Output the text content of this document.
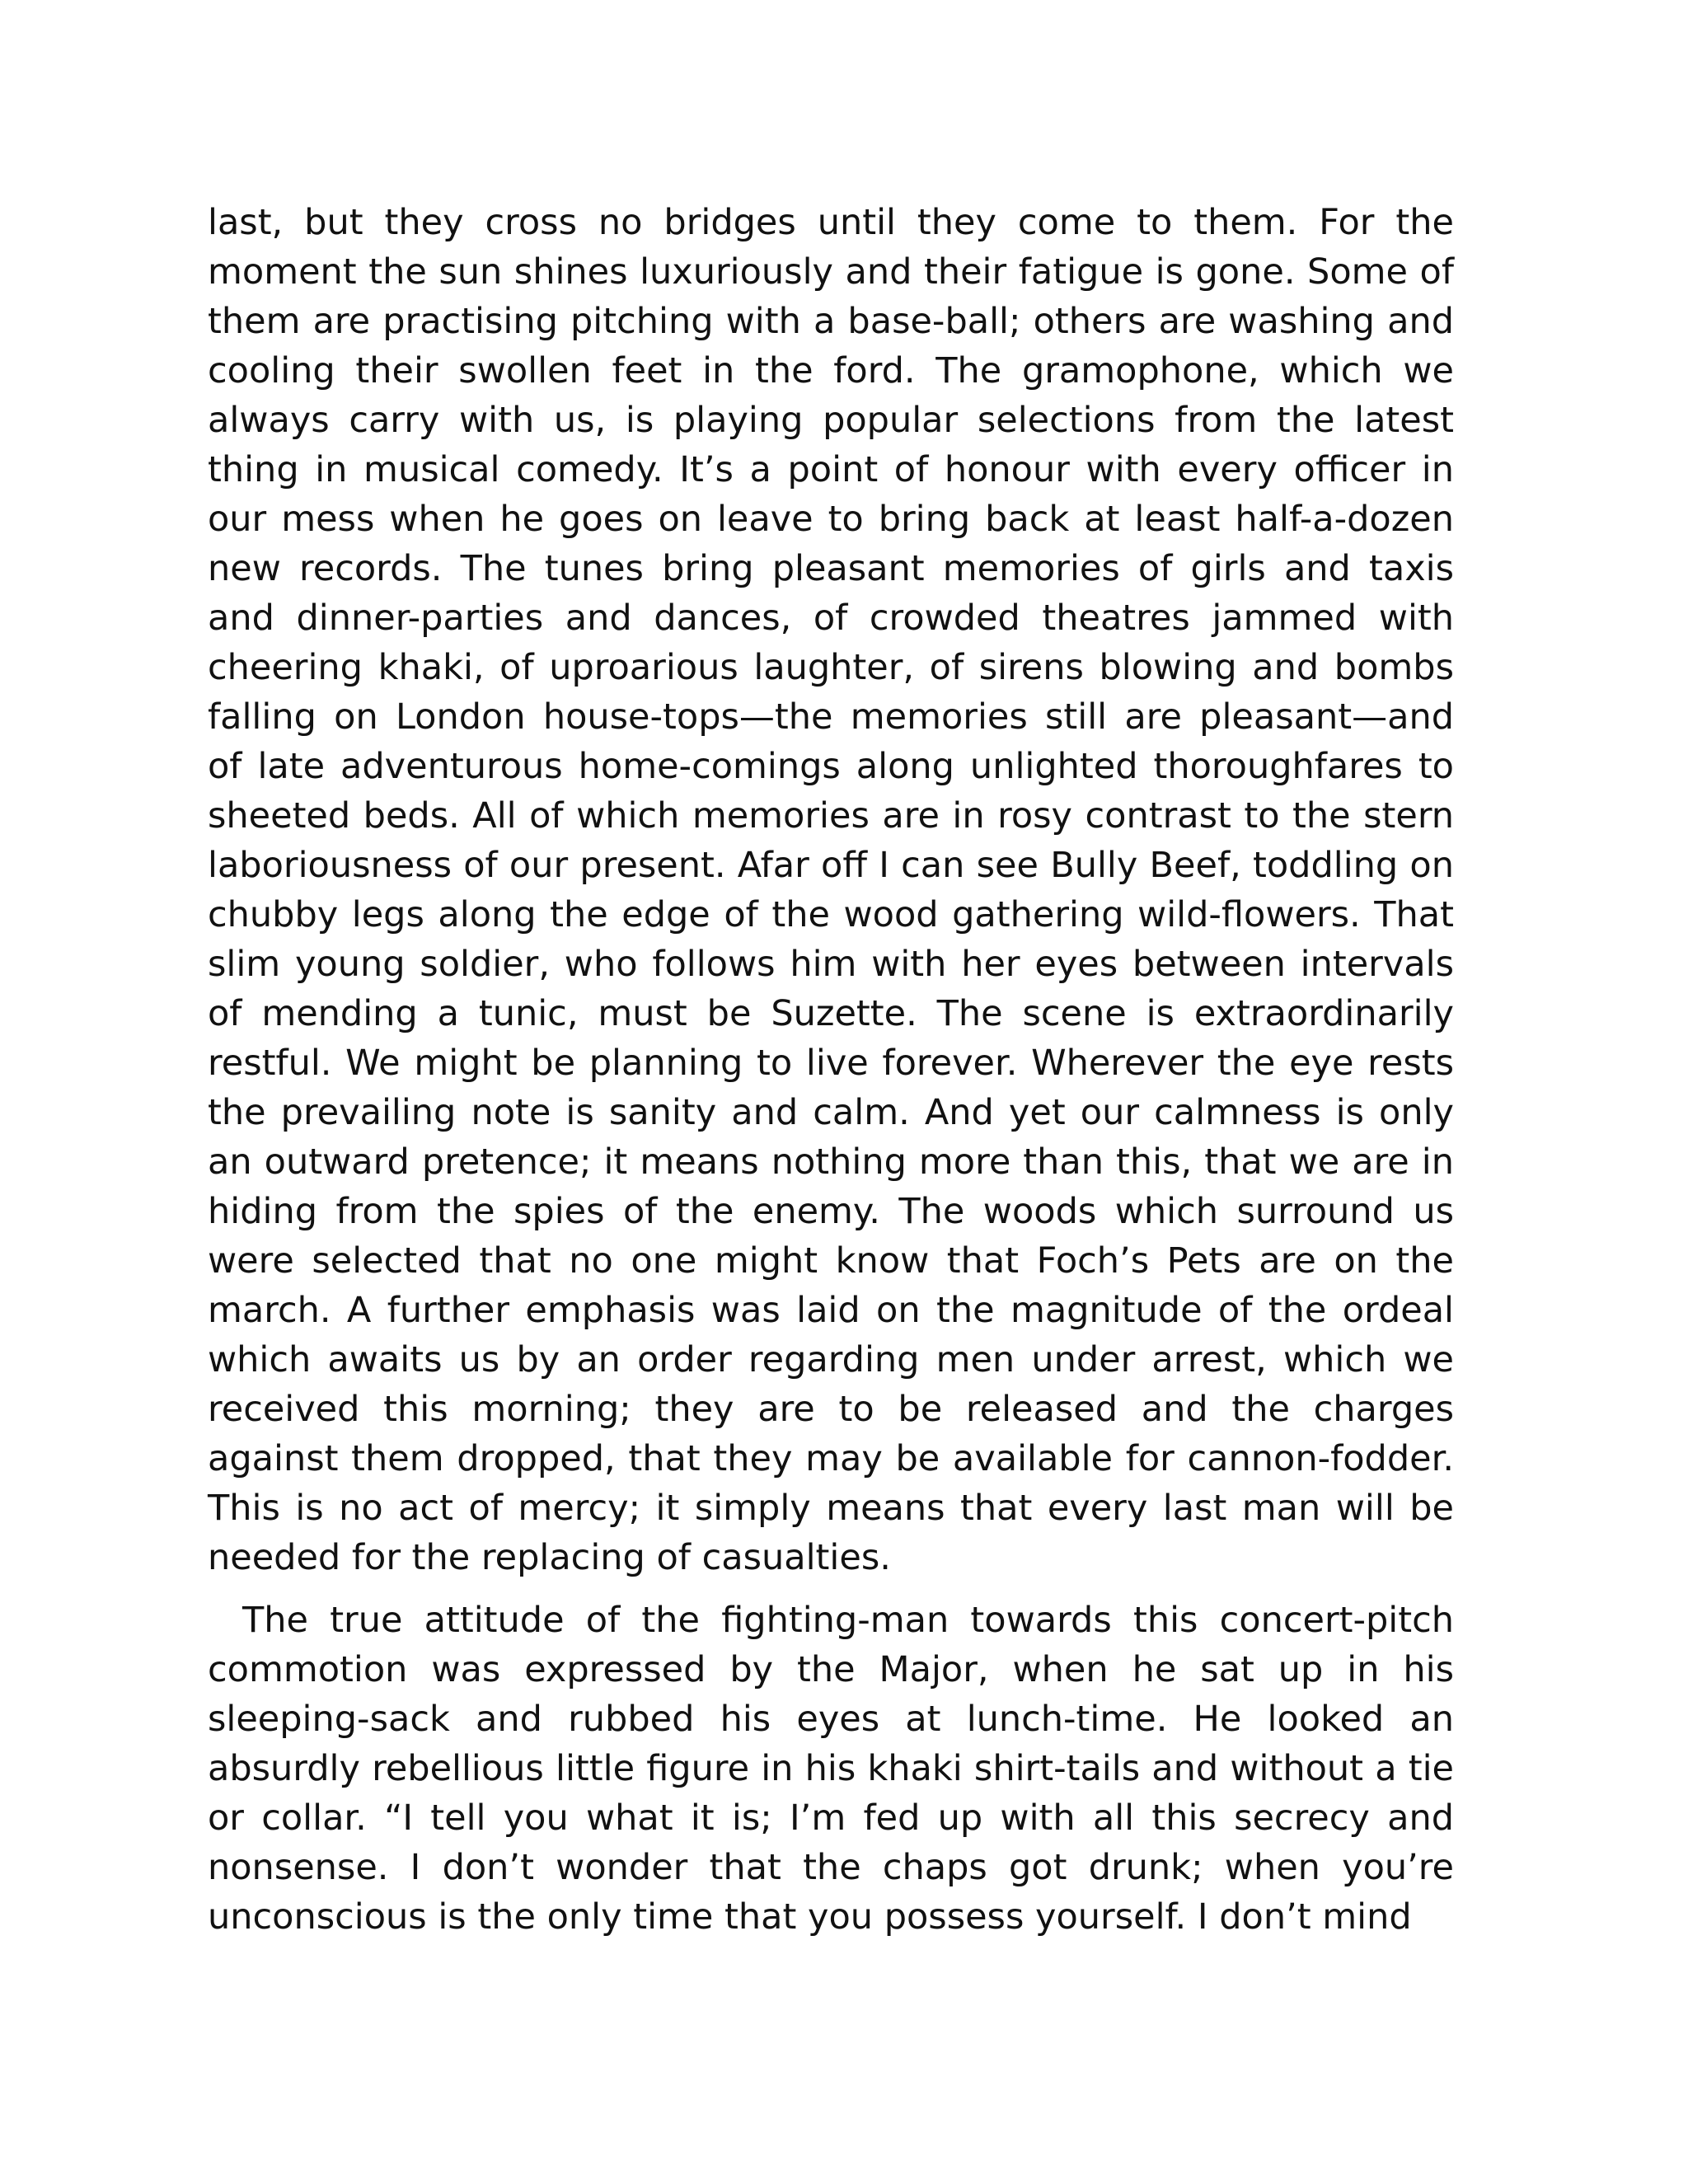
last, but they cross no bridges until they come to them. For the moment the sun shines luxuriously and their fatigue is gone. Some of them are practising pitching with a base-ball; others are washing and cooling their swollen feet in the ford. The gramophone, which we always carry with us, is playing popular selections from the latest thing in musical comedy. It’s a point of honour with every officer in our mess when he goes on leave to bring back at least half-a-dozen new records. The tunes bring pleasant memories of girls and taxis and dinner-parties and dances, of crowded theatres jammed with cheering khaki, of uproarious laughter, of sirens blowing and bombs falling on London house-tops—the memories still are pleasant—and of late adventurous home-comings along unlighted thoroughfares to sheeted beds. All of which memories are in rosy contrast to the stern laboriousness of our present. Afar off I can see Bully Beef, toddling on chubby legs along the edge of the wood gathering wild-flowers. That slim young soldier, who follows him with her eyes between intervals of mending a tunic, must be Suzette. The scene is extraordinarily restful. We might be planning to live forever. Wherever the eye rests the prevailing note is sanity and calm. And yet our calmness is only an outward pretence; it means nothing more than this, that we are in hiding from the spies of the enemy. The woods which surround us were selected that no one might know that Foch’s Pets are on the march. A further emphasis was laid on the magnitude of the ordeal which awaits us by an order regarding men under arrest, which we received this morning; they are to be released and the charges against them dropped, that they may be available for cannon-fodder. This is no act of mercy; it simply means that every last man will be needed for the replacing of casualties.

The true attitude of the fighting-man towards this concert-pitch commotion was expressed by the Major, when he sat up in his sleeping-sack and rubbed his eyes at lunch-time. He looked an absurdly rebellious little figure in his khaki shirt-tails and without a tie or collar. “I tell you what it is; I’m fed up with all this secrecy and nonsense. I don’t wonder that the chaps got drunk; when you’re unconscious is the only time that you possess yourself. I don’t mind
